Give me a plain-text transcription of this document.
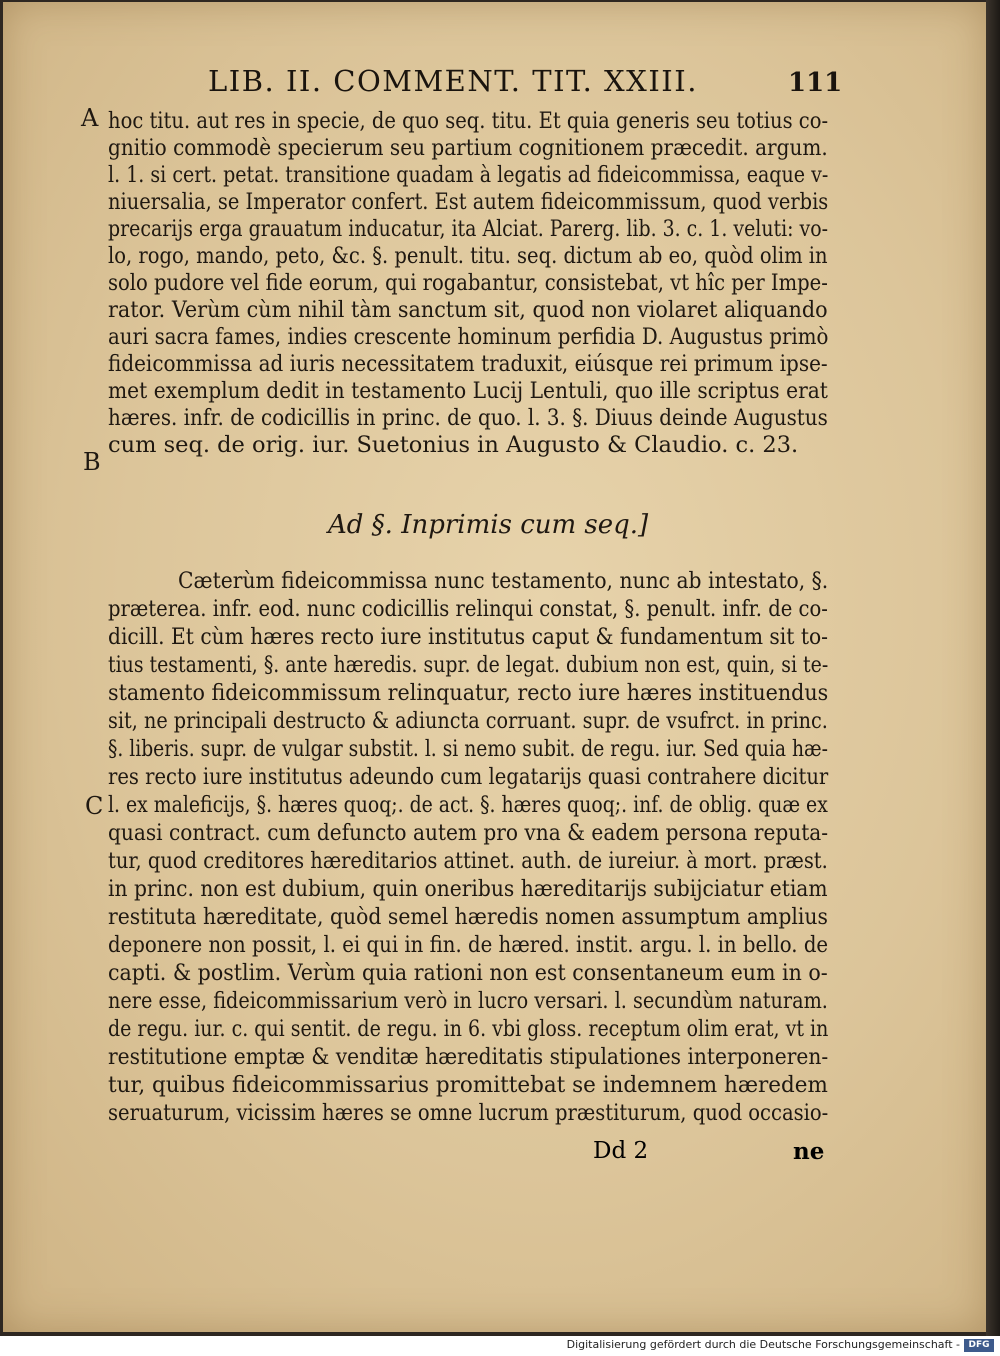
LIB. II. COMMENT. TIT. XXIII.	111
A
B
C
hoc titu. aut res in specie, de quo seq. titu. Et quia generis seu totius co-
gnitio commodè specierum seu partium cognitionem præcedit. argum.
l. 1. si cert. petat. transitione quadam à legatis ad fideicommissa, eaque v-
niuersalia, se Imperator confert. Est autem fideicommissum, quod verbis
precarijs erga grauatum inducatur, ita Alciat. Parerg. lib. 3. c. 1. veluti: vo-
lo, rogo, mando, peto, &c. §. penult. titu. seq. dictum ab eo, quòd olim in
solo pudore vel fide eorum, qui rogabantur, consistebat, vt hîc per Impe-
rator. Verùm cùm nihil tàm sanctum sit, quod non violaret aliquando
auri sacra fames, indies crescente hominum perfidia D. Augustus primò
fideicommissa ad iuris necessitatem traduxit, eiúsque rei primum ipse-
met exemplum dedit in testamento Lucij Lentuli, quo ille scriptus erat
hæres. infr. de codicillis in princ. de quo. l. 3. §. Diuus deinde Augustus
cum seq. de orig. iur. Suetonius in Augusto & Claudio. c. 23.
Ad §. Inprimis cum seq.]
Cæterùm fideicommissa nunc testamento, nunc ab intestato, §.
præterea. infr. eod. nunc codicillis relinqui constat, §. penult. infr. de co-
dicill. Et cùm hæres recto iure institutus caput & fundamentum sit to-
tius testamenti, §. ante hæredis. supr. de legat. dubium non est, quin, si te-
stamento fideicommissum relinquatur, recto iure hæres instituendus
sit, ne principali destructo & adiuncta corruant. supr. de vsufrct. in princ.
§. liberis. supr. de vulgar substit. l. si nemo subit. de regu. iur. Sed quia hæ-
res recto iure institutus adeundo cum legatarijs quasi contrahere dicitur
l. ex maleficijs, §. hæres quoq;. de act. §. hæres quoq;. inf. de oblig. quæ ex
quasi contract. cum defuncto autem pro vna & eadem persona reputa-
tur, quod creditores hæreditarios attinet. auth. de iureiur. à mort. præst.
in princ. non est dubium, quin oneribus hæreditarijs subijciatur etiam
restituta hæreditate, quòd semel hæredis nomen assumptum amplius
deponere non possit, l. ei qui in fin. de hæred. instit. argu. l. in bello. de
capti. & postlim. Verùm quia rationi non est consentaneum eum in o-
nere esse, fideicommissarium verò in lucro versari. l. secundùm naturam.
de regu. iur. c. qui sentit. de regu. in 6. vbi gloss. receptum olim erat, vt in
restitutione emptæ & venditæ hæreditatis stipulationes interponeren-
tur, quibus fideicommissarius promittebat se indemnem hæredem
seruaturum, vicissim hæres se omne lucrum præstiturum, quod occasio-
Dd 2	ne
Digitalisierung gefördert durch die Deutsche Forschungsgemeinschaft - DFG
